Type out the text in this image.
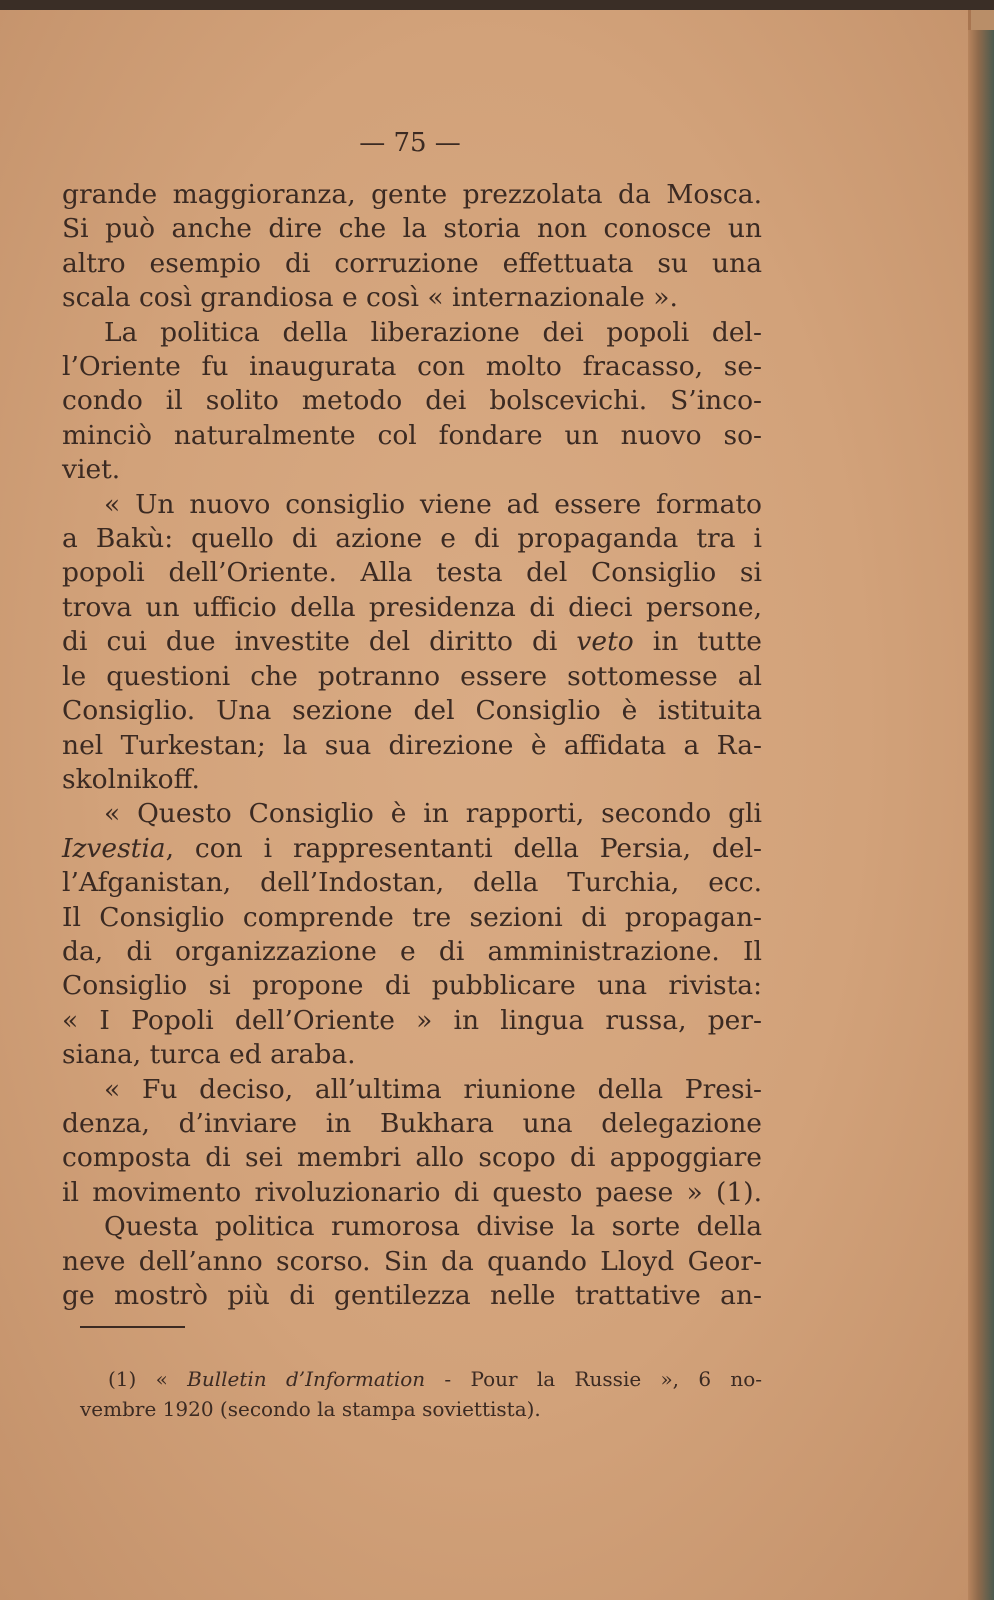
— 75 —
grande maggioranza, gente prezzolata da Mosca.
Si può anche dire che la storia non conosce un
altro esempio di corruzione effettuata su una
scala così grandiosa e così « internazionale ».
La politica della liberazione dei popoli del-
l’Oriente fu inaugurata con molto fracasso, se-
condo il solito metodo dei bolscevichi. S’inco-
minciò naturalmente col fondare un nuovo so-
viet.
« Un nuovo consiglio viene ad essere formato
a Bakù: quello di azione e di propaganda tra i
popoli dell’Oriente. Alla testa del Consiglio si
trova un ufficio della presidenza di dieci persone,
di cui due investite del diritto di veto in tutte
le questioni che potranno essere sottomesse al
Consiglio. Una sezione del Consiglio è istituita
nel Turkestan; la sua direzione è affidata a Ra-
skolnikoff.
« Questo Consiglio è in rapporti, secondo gli
Izvestia, con i rappresentanti della Persia, del-
l’Afganistan, dell’Indostan, della Turchia, ecc.
Il Consiglio comprende tre sezioni di propagan-
da, di organizzazione e di amministrazione. Il
Consiglio si propone di pubblicare una rivista:
« I Popoli dell’Oriente » in lingua russa, per-
siana, turca ed araba.
« Fu deciso, all’ultima riunione della Presi-
denza, d’inviare in Bukhara una delegazione
composta di sei membri allo scopo di appoggiare
il movimento rivoluzionario di questo paese » (1).
Questa politica rumorosa divise la sorte della
neve dell’anno scorso. Sin da quando Lloyd Geor-
ge mostrò più di gentilezza nelle trattative an-
(1) « Bulletin d’Information - Pour la Russie », 6 no-
vembre 1920 (secondo la stampa soviettista).
